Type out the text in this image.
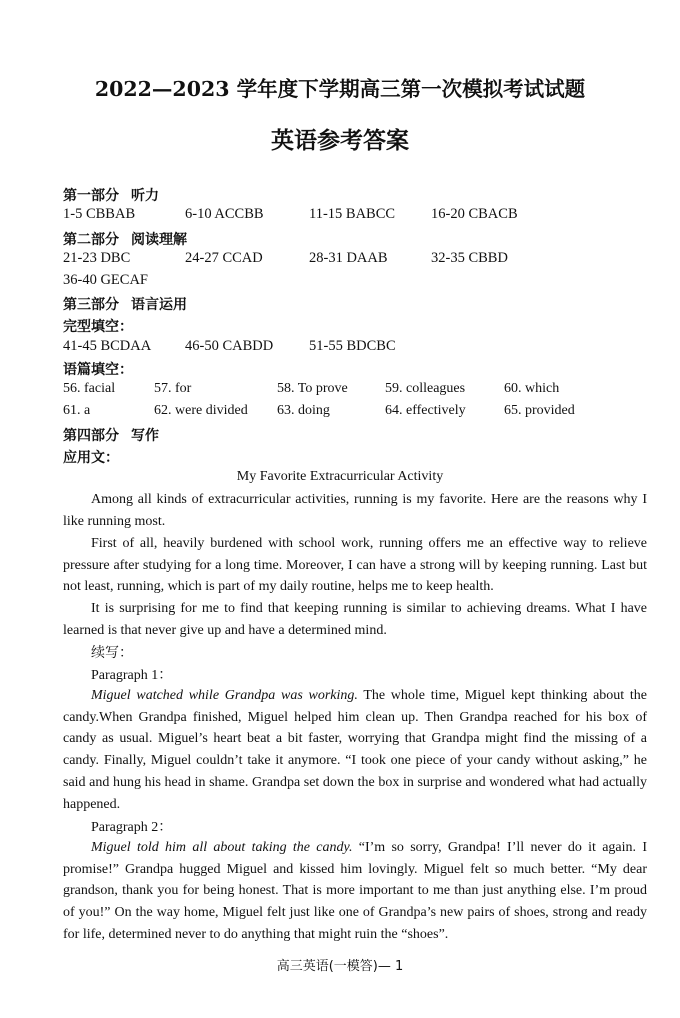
2022—2023 学年度下学期高三第一次模拟考试试题
英语参考答案
第一部分 听力
1-5 CBBAB	6-10 ACCBB	11-15 BABCC 16-20 CBACB
第二部分 阅读理解
21-23 DBC	24-27 CCAD	28-31 DAAB	32-35 CBBD
36-40 GECAF
第三部分 语言运用
完型填空：
41-45 BCDAA 46-50 CABDD 51-55 BDCBC
语篇填空：
56. facial	57. for	58. To prove	59. colleagues	60. which
61. a	62. were divided 63. doing	64. effectively	65. provided
第四部分 写作
应用文：
My Favorite Extracurricular Activity

Among all kinds of extracurricular activities, running is my favorite. Here are the reasons why I like running most.
First of all, heavily burdened with school work, running offers me an effective way to relieve pressure after studying for a long time. Moreover, I can have a strong will by keeping running. Last but not least, running, which is part of my daily routine, helps me to keep health.
It is surprising for me to find that keeping running is similar to achieving dreams. What I have learned is that never give up and have a determined mind.
续写：
Paragraph 1：
Miguel watched while Grandpa was working. The whole time, Miguel kept thinking about the candy.When Grandpa finished, Miguel helped him clean up. Then Grandpa reached for his box of candy as usual. Miguel’s heart beat a bit faster, worrying that Grandpa might find the missing of a candy. Finally, Miguel couldn’t take it anymore. “I took one piece of your candy without asking,” he said and hung his head in shame. Grandpa set down the box in surprise and wondered what had actually happened.
Paragraph 2：
Miguel told him all about taking the candy. “I’m so sorry, Grandpa! I’ll never do it again. I promise!” Grandpa hugged Miguel and kissed him lovingly. Miguel felt so much better. “My dear grandson, thank you for being honest. That is more important to me than just anything else. I’m proud of you!” On the way home, Miguel felt just like one of Grandpa’s new pairs of shoes, strong and ready for life, determined never to do anything that might ruin the “shoes”.
高三英语(一模答)— 1
